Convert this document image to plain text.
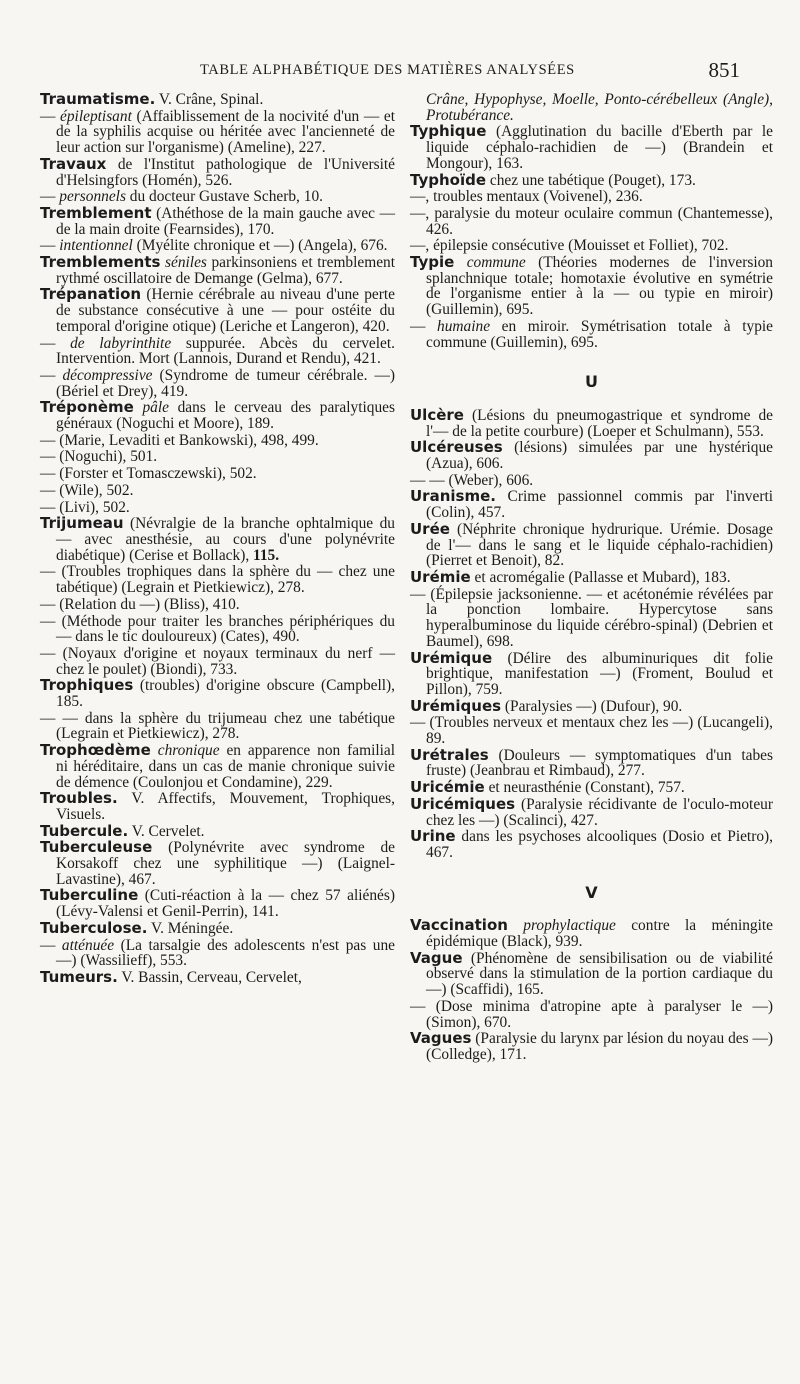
TABLE ALPHABÉTIQUE DES MATIÈRES ANALYSÉES	851
Traumatisme. V. Crâne, Spinal.
— épileptisant (Affaiblissement de la nocivité d'un — et de la syphilis acquise ou héritée avec l'ancienneté de leur action sur l'organisme) (Ameline), 227.
Travaux de l'Institut pathologique de l'Université d'Helsingfors (Homén), 526.
— personnels du docteur Gustave Scherb, 10.
Tremblement (Athéthose de la main gauche avec — de la main droite (Fearnsides), 170.
— intentionnel (Myélite chronique et —) (Angela), 676.
Tremblements séniles parkinsoniens et tremblement rythmé oscillatoire de Demange (Gelma), 677.
Trépanation (Hernie cérébrale au niveau d'une perte de substance consécutive à une — pour ostéite du temporal d'origine otique) (Leriche et Langeron), 420.
— de labyrinthite suppurée. Abcès du cervelet. Intervention. Mort (Lannois, Durand et Rendu), 421.
— décompressive (Syndrome de tumeur cérébrale. —) (Bériel et Drey), 419.
Tréponème pâle dans le cerveau des paralytiques généraux (Noguchi et Moore), 189.
— (Marie, Levaditi et Bankowski), 498, 499.
— (Noguchi), 501.
— (Forster et Tomasczewski), 502.
— (Wile), 502.
— (Livi), 502.
Trijumeau (Névralgie de la branche ophtalmique du — avec anesthésie, au cours d'une polynévrite diabétique) (Cerise et Bollack), 115.
— (Troubles trophiques dans la sphère du — chez une tabétique) (Legrain et Pietkiewicz), 278.
— (Relation du —) (Bliss), 410.
— (Méthode pour traiter les branches périphériques du — dans le tic douloureux) (Cates), 490.
— (Noyaux d'origine et noyaux terminaux du nerf — chez le poulet) (Biondi), 733.
Trophiques (troubles) d'origine obscure (Campbell), 185.
— — dans la sphère du trijumeau chez une tabétique (Legrain et Pietkiewicz), 278.
Trophœdème chronique en apparence non familial ni héréditaire, dans un cas de manie chronique suivie de démence (Coulonjou et Condamine), 229.
Troubles. V. Affectifs, Mouvement, Trophiques, Visuels.
Tubercule. V. Cervelet.
Tuberculeuse (Polynévrite avec syndrome de Korsakoff chez une syphilitique —) (Laignel-Lavastine), 467.
Tuberculine (Cuti-réaction à la — chez 57 aliénés) (Lévy-Valensi et Genil-Perrin), 141.
Tuberculose. V. Méningée.
— atténuée (La tarsalgie des adolescents n'est pas une —) (Wassilieff), 553.
Tumeurs. V. Bassin, Cerveau, Cervelet,
Crâne, Hypophyse, Moelle, Ponto-cérébelleux (Angle), Protubérance.
Typhique (Agglutination du bacille d'Eberth par le liquide céphalo-rachidien de —) (Brandein et Mongour), 163.
Typhoïde chez une tabétique (Pouget), 173.
—, troubles mentaux (Voivenel), 236.
—, paralysie du moteur oculaire commun (Chantemesse), 426.
—, épilepsie consécutive (Mouisset et Folliet), 702.
Typie commune (Théories modernes de l'inversion splanchnique totale; homotaxie évolutive en symétrie de l'organisme entier à la — ou typie en miroir) (Guillemin), 695.
— humaine en miroir. Symétrisation totale à typie commune (Guillemin), 695.
U
Ulcère (Lésions du pneumogastrique et syndrome de l'— de la petite courbure) (Loeper et Schulmann), 553.
Ulcéreuses (lésions) simulées par une hystérique (Azua), 606.
— — (Weber), 606.
Uranisme. Crime passionnel commis par l'inverti (Colin), 457.
Urée (Néphrite chronique hydrurique. Urémie. Dosage de l'— dans le sang et le liquide céphalo-rachidien) (Pierret et Benoit), 82.
Urémie et acromégalie (Pallasse et Mubard), 183.
— (Épilepsie jacksonienne. — et acétonémie révélées par la ponction lombaire. Hypercytose sans hyperalbuminose du liquide cérébro-spinal) (Debrien et Baumel), 698.
Urémique (Délire des albuminuriques dit folie brightique, manifestation —) (Froment, Boulud et Pillon), 759.
Urémiques (Paralysies —) (Dufour), 90.
— (Troubles nerveux et mentaux chez les —) (Lucangeli), 89.
Urétrales (Douleurs — symptomatiques d'un tabes fruste) (Jeanbrau et Rimbaud), 277.
Uricémie et neurasthénie (Constant), 757.
Uricémiques (Paralysie récidivante de l'oculo-moteur chez les —) (Scalinci), 427.
Urine dans les psychoses alcooliques (Dosio et Pietro), 467.
V
Vaccination prophylactique contre la méningite épidémique (Black), 939.
Vague (Phénomène de sensibilisation ou de viabilité observé dans la stimulation de la portion cardiaque du —) (Scaffidi), 165.
— (Dose minima d'atropine apte à paralyser le —) (Simon), 670.
Vagues (Paralysie du larynx par lésion du noyau des —) (Colledge), 171.
